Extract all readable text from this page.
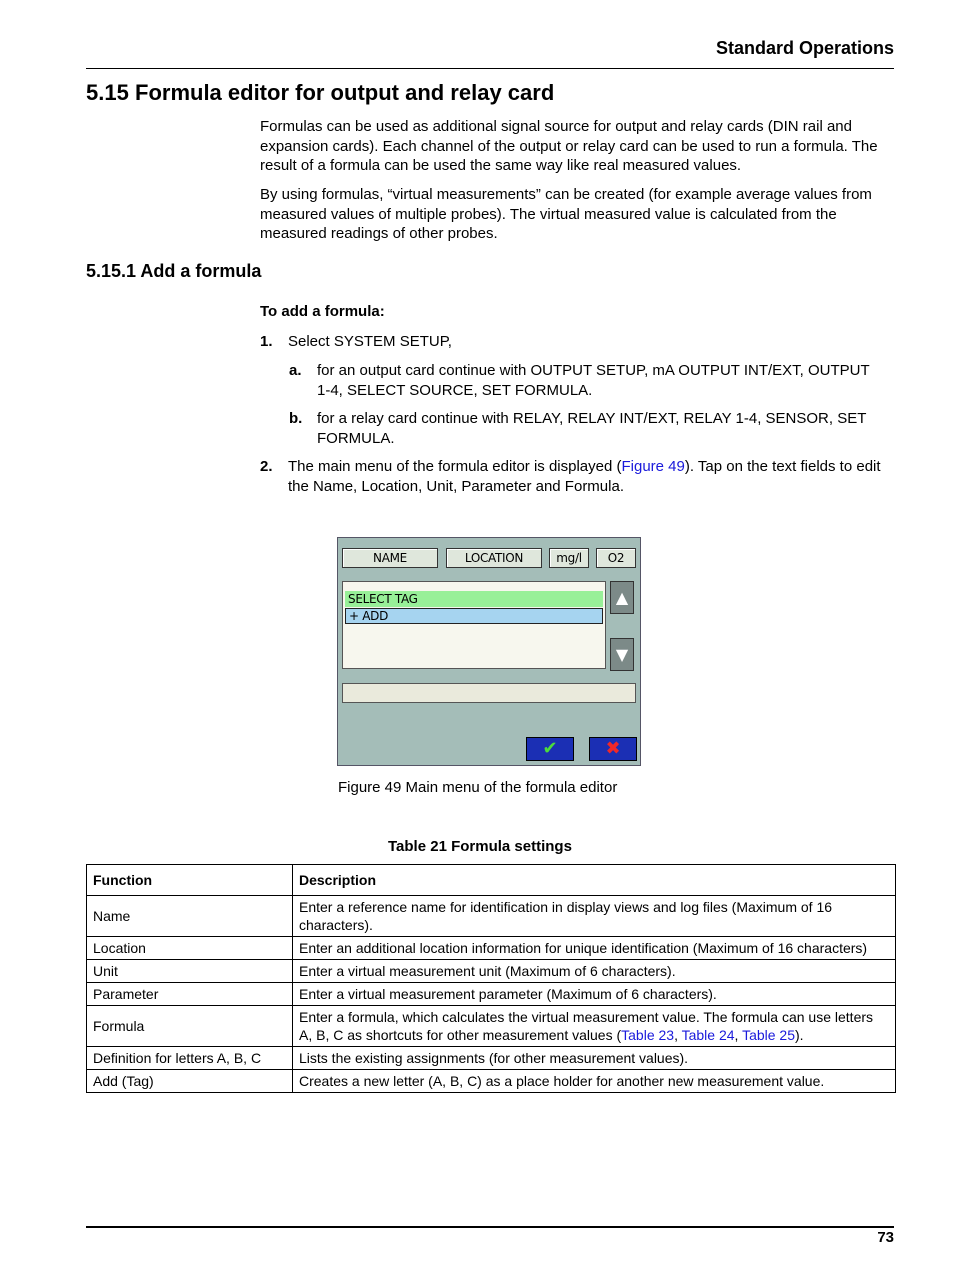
Standard Operations
5.15 Formula editor for output and relay card
Formulas can be used as additional signal source for output and relay cards (DIN rail and expansion cards). Each channel of the output or relay card can be used to run a formula. The result of a formula can be used the same way like real measured values.
By using formulas, “virtual measurements” can be created (for example average values from measured values of multiple probes). The virtual measured value is calculated from the measured readings of other probes.
5.15.1 Add a formula
To add a formula:
1. Select SYSTEM SETUP,
a. for an output card continue with OUTPUT SETUP, mA OUTPUT INT/EXT, OUTPUT 1-4, SELECT SOURCE, SET FORMULA.
b. for a relay card continue with RELAY, RELAY INT/EXT, RELAY 1-4, SENSOR, SET FORMULA.
2. The main menu of the formula editor is displayed (Figure 49). Tap on the text fields to edit the Name, Location, Unit, Parameter and Formula.
NAME	LOCATION	mg/l	O2
SELECT TAG
+ ADD
▲
▼
✔	✖
Figure 49 Main menu of the formula editor
Table 21 Formula settings
Function	Description
Name	Enter a reference name for identification in display views and log files (Maximum of 16 characters).
Location	Enter an additional location information for unique identification (Maximum of 16 characters)
Unit	Enter a virtual measurement unit (Maximum of 6 characters).
Parameter	Enter a virtual measurement parameter (Maximum of 6 characters).
Formula	Enter a formula, which calculates the virtual measurement value. The formula can use letters A, B, C as shortcuts for other measurement values (Table 23, Table 24, Table 25).
Definition for letters A, B, C	Lists the existing assignments (for other measurement values).
Add (Tag)	Creates a new letter (A, B, C) as a place holder for another new measurement value.
73
